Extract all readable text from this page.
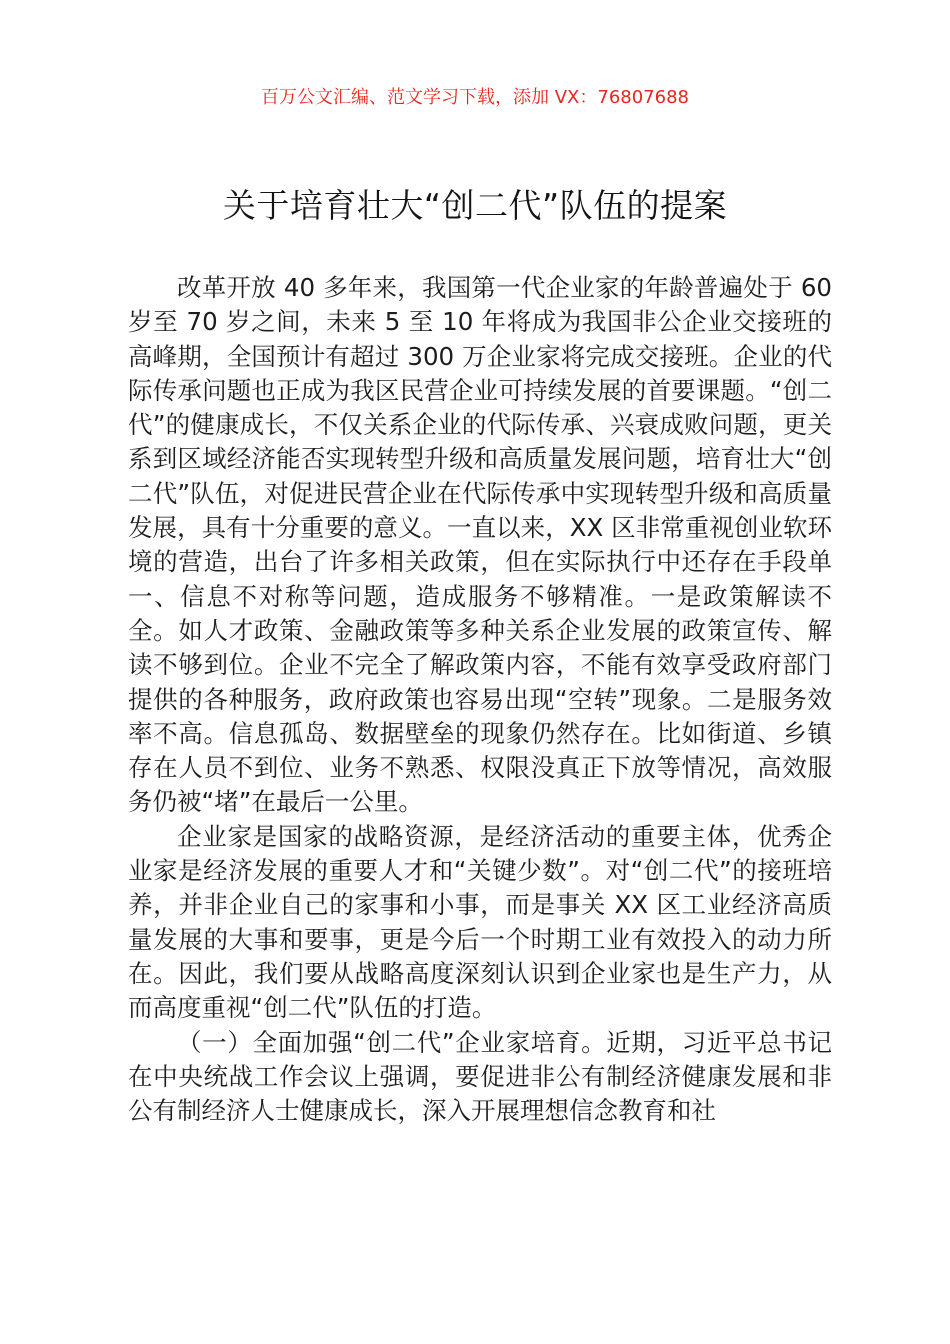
百万公文汇编、范文学习下载，添加 VX：76807688
关于培育壮大“创二代”队伍的提案

改革开放 40 多年来，我国第一代企业家的年龄普遍处于 60 岁至 70 岁之间，未来 5 至 10 年将成为我国非公企业交接班的高峰期，全国预计有超过 300 万企业家将完成交接班。企业的代际传承问题也正成为我区民营企业可持续发展的首要课题。“创二代”的健康成长，不仅关系企业的代际传承、兴衰成败问题，更关系到区域经济能否实现转型升级和高质量发展问题，培育壮大“创二代”队伍，对促进民营企业在代际传承中实现转型升级和高质量发展，具有十分重要的意义。一直以来，XX 区非常重视创业软环境的营造，出台了许多相关政策，但在实际执行中还存在手段单一、信息不对称等问题，造成服务不够精准。一是政策解读不全。如人才政策、金融政策等多种关系企业发展的政策宣传、解读不够到位。企业不完全了解政策内容，不能有效享受政府部门提供的各种服务，政府政策也容易出现“空转”现象。二是服务效率不高。信息孤岛、数据壁垒的现象仍然存在。比如街道、乡镇存在人员不到位、业务不熟悉、权限没真正下放等情况，高效服务仍被“堵”在最后一公里。

企业家是国家的战略资源，是经济活动的重要主体，优秀企业家是经济发展的重要人才和“关键少数”。对“创二代”的接班培养，并非企业自己的家事和小事，而是事关 XX 区工业经济高质量发展的大事和要事，更是今后一个时期工业有效投入的动力所在。因此，我们要从战略高度深刻认识到企业家也是生产力，从而高度重视“创二代”队伍的打造。

（一）全面加强“创二代”企业家培育。近期，习近平总书记在中央统战工作会议上强调，要促进非公有制经济健康发展和非公有制经济人士健康成长，深入开展理想信念教育和社
